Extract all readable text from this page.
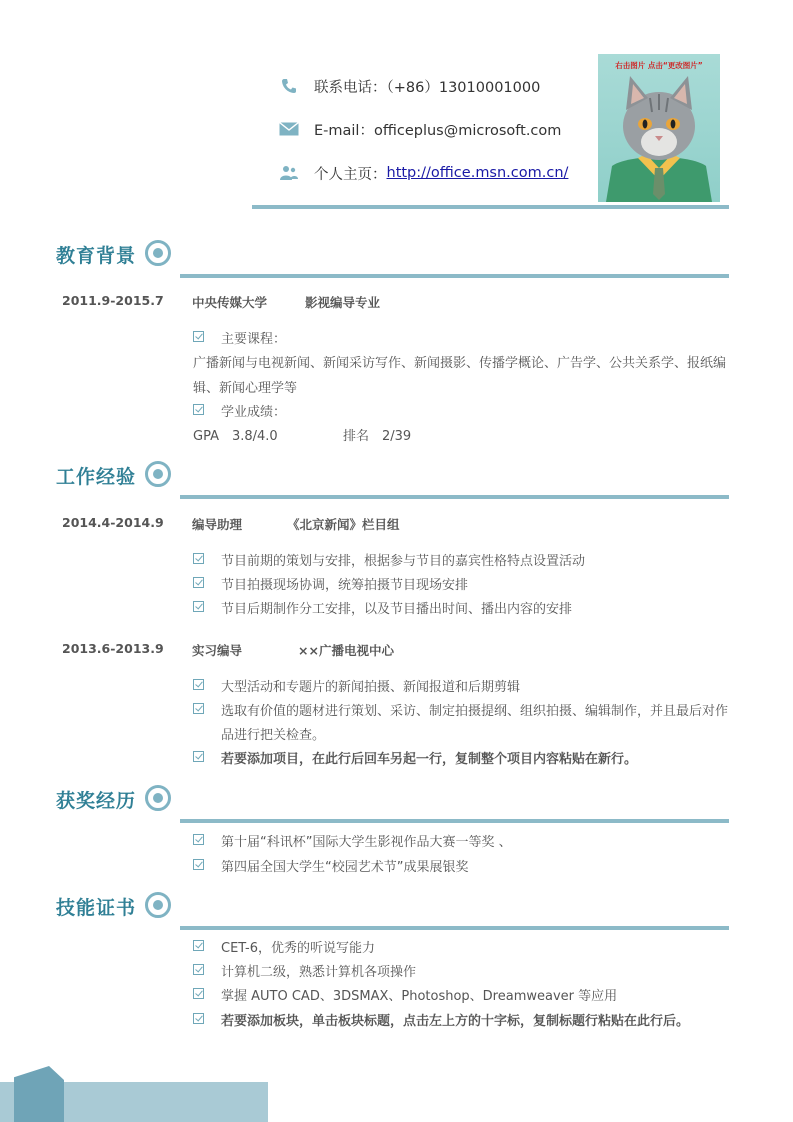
联系电话：（+86）13010001000
E-mail：officeplus@microsoft.com
个人主页： http://office.msn.com.cn/
右击图片 点击“更改图片”
教育背景
2011.9-2015.7 中央传媒大学	影视编导专业
主要课程：
广播新闻与电视新闻、新闻采访写作、新闻摄影、传播学概论、广告学、公共关系学、报纸编
辑、新闻心理学等
学业成绩：
GPA　3.8/4.0	排名　2/39
工作经验
2014.4-2014.9 编导助理	《北京新闻》栏目组
节目前期的策划与安排，根据参与节目的嘉宾性格特点设置活动
节目拍摄现场协调，统筹拍摄节目现场安排
节目后期制作分工安排，以及节目播出时间、播出内容的安排
2013.6-2013.9 实习编导	××广播电视中心
大型活动和专题片的新闻拍摄、新闻报道和后期剪辑
选取有价值的题材进行策划、采访、制定拍摄提纲、组织拍摄、编辑制作，并且最后对作
品进行把关检查。
若要添加项目，在此行后回车另起一行，复制整个项目内容粘贴在新行。
获奖经历
第十届“科讯杯”国际大学生影视作品大赛一等奖 、
第四届全国大学生“校园艺术节”成果展银奖
技能证书
CET-6，优秀的听说写能力
计算机二级，熟悉计算机各项操作
掌握 AUTO CAD、3DSMAX、Photoshop、Dreamweaver 等应用
若要添加板块，单击板块标题，点击左上方的十字标，复制标题行粘贴在此行后。
